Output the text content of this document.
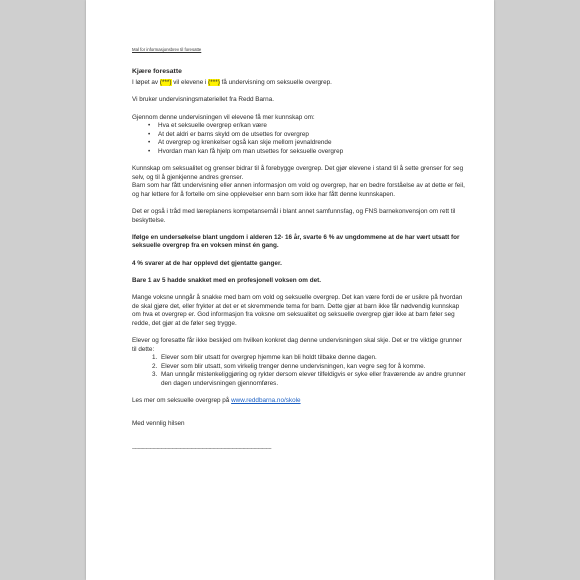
Mal for informasjonsbrev til foresatte
Kjære foresatte

I løpet av (***) vil elevene i (***) få undervisning om seksuelle overgrep.

Vi bruker undervisningsmateriellet fra Redd Barna.

Gjennom denne undervisningen vil elevene få mer kunnskap om:
• Hva et seksuelle overgrep er/kan være
• At det aldri er barns skyld om de utsettes for overgrep
• At overgrep og krenkelser også kan skje mellom jevnaldrende
• Hvordan man kan få hjelp om man utsettes for seksuelle overgrep
Kunnskap om seksualitet og grenser bidrar til å forebygge overgrep. Det gjør elevene i stand til å sette grenser for seg selv, og til å gjenkjenne andres grenser.

Barn som har fått undervisning eller annen informasjon om vold og overgrep, har en bedre forståelse av at dette er feil, og har lettere for å fortelle om sine opplevelser enn barn som ikke har fått denne kunnskapen.

Det er også i tråd med læreplanens kompetansemål i blant annet samfunnsfag, og FNS barnekonvensjon om rett til beskyttelse.

Ifølge en undersøkelse blant ungdom i alderen 12- 16 år, svarte 6 % av ungdommene at de har vært utsatt for seksuelle overgrep fra en voksen minst én gang.

4 % svarer at de har opplevd det gjentatte ganger.

Bare 1 av 5 hadde snakket med en profesjonell voksen om det.

Mange voksne unngår å snakke med barn om vold og seksuelle overgrep. Det kan være fordi de er usikre på hvordan de skal gjøre det, eller frykter at det er et skremmende tema for barn. Dette gjør at barn ikke får nødvendig kunnskap om hva et overgrep er. God informasjon fra voksne om seksualitet og seksuelle overgrep gjør ikke at barn føler seg redde, det gjør at de føler seg trygge.

Elever og foresatte får ikke beskjed om hvilken konkret dag denne undervisningen skal skje. Det er tre viktige grunner til dette:
1. Elever som blir utsatt for overgrep hjemme kan bli holdt tilbake denne dagen.
2. Elever som blir utsatt, som virkelig trenger denne undervisningen, kan vegre seg for å komme.
3. Man unngår mistenkeliggjøring og rykter dersom elever tilfeldigvis er syke eller fraværende av andre grunner den dagen undervisningen gjennomføres.

Les mer om seksuelle overgrep på www.reddbarna.no/skole

Med vennlig hilsen

------------------------------------------------------------------------------------------------------
